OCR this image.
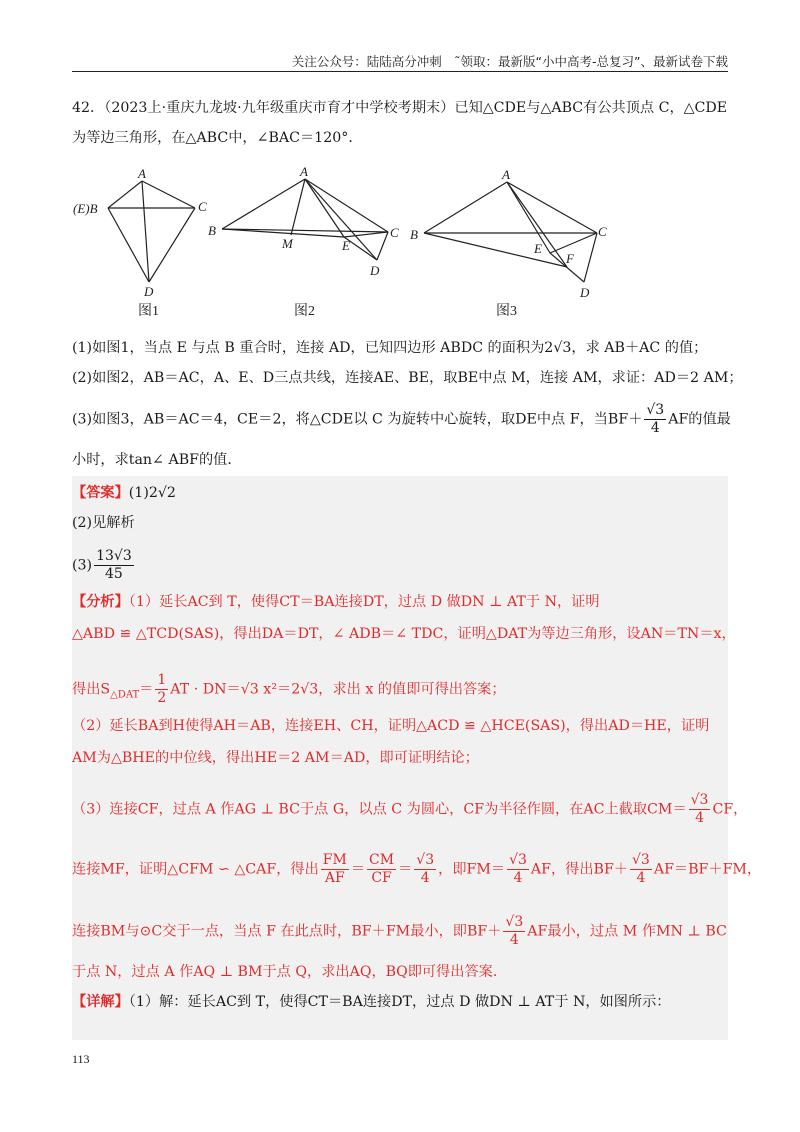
关注公众号：陆陆高分冲刺　˜领取：最新版“小中高考-总复习”、最新试卷下载
42．（2023上·重庆九龙坡·九年级重庆市育才中学校考期末）已知△CDE与△ABC有公共顶点 C，△CDE
为等边三角形，在△ABC中，∠BAC＝120°．
A
(E)B	C
D
图1
A
B
M	E
C
D
图2
A
B
E
F
C
D
图3
(1)如图1，当点 E 与点 B 重合时，连接 AD，已知四边形 ABDC 的面积为2√3，求 AB＋AC 的值；
(2)如图2，AB＝AC，A、E、D三点共线，连接AE、BE，取BE中点 M，连接 AM，求证：AD＝2 AM；
(3)如图3，AB＝AC＝4，CE＝2，将△CDE以 C 为旋转中心旋转，取DE中点 F，当$BF+ \frac{√3}{4}$ AF的值最
小时，求tan∠ ABF的值．
【答案】(1)2√2
(2)见解析
$(3) \frac{13√3}{45}$
【分析】（1）延长AC到 T，使得CT＝BA连接DT，过点 D 做DN ⊥ AT于 N，证明
△ABD ≌ △TCD(SAS)，得出DA＝DT，∠ ADB＝∠ TDC，证明△DAT为等边三角形，设AN＝TN＝x，
得出$S_{\triangle DAT}= \frac{1}{2}$ AT · DN＝√3 x²＝2√3，求出 x 的值即可得出答案；
（2）延长BA到H使得AH＝AB，连接EH、CH，证明△ACD ≌ △HCE(SAS)，得出AD＝HE，证明
AM为△BHE的中位线，得出HE＝2 AM＝AD，即可证明结论；
（3）连接CF，过点 A 作AG ⊥ BC于点 G，以点 C 为圆心，CF为半径作圆，在AC上截取$CM= \frac{√3}{4}$ CF，
连接MF，证明△CFM ∽ △CAF，得出 $\frac{FM}{AF} = \frac{CM}{CF} = \frac{√3}{4}$ ，即$FM= \frac{√3}{4}$ AF，得出$BF+ \frac{√3}{4} AF=BF+FM$，
连接BM与⊙C交于一点，当点 F 在此点时，BF＋FM最小，即$BF+ \frac{√3}{4}$ AF最小，过点 M 作MN ⊥ BC
于点 N，过点 A 作AQ ⊥ BM于点 Q，求出AQ，BQ即可得出答案．
【详解】（1）解：延长AC到 T，使得CT＝BA连接DT，过点 D 做DN ⊥ AT于 N，如图所示：
113
